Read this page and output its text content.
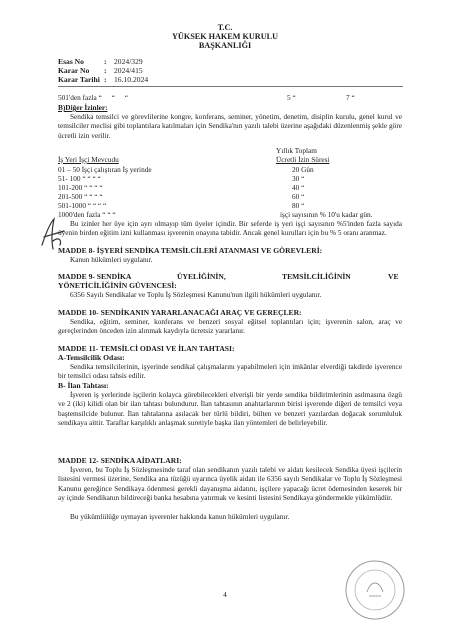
T.C.
YÜKSEK HAKEM KURULU
BAŞKANLIĞI
Esas No	: 2024/329
Karar No : 2024/415
Karar Tarihi : 16.10.2024
501'den fazla “ “ “	5 “	7 “
B)Diğer İzinler:
Sendika temsilci ve görevlilerine kongre, konferans, seminer, yönetim, denetim, disiplin kurulu, genel kurul ve temsilciler meclisi gibi toplantılara katılmaları için Sendika'nın yazılı talebi üzerine aşağıdaki düzenlenmiş şekle göre ücretli izin verilir.
Yıllık Toplam
İş Yeri İşçi Mevcudu	Ücretli İzin Süresi
01 – 50 İşçi çalıştıran İş yerinde	20 Gün
51- 100 “ “ “ “	30 “
101-200 “ “ “ “	40 “
201-500 “ “ “ “	60 “
501-1000 “ “ “ “	80 “
1000'den fazla “ “ “	işçi sayısının % 10'u kadar gün.
Bu izinler her üye için ayrı olmayıp tüm üyeler içindir. Bir seferde iş yeri işçi sayısının %5'inden fazla sayıda üyenin birden eğitim izni kullanması işverenin onayına tabidir. Ancak genel kurulları için bu % 5 oranı aranmaz.
MADDE 8- İŞYERİ SENDİKA TEMSİLCİLERİ ATANMASI VE GÖREVLERİ:
Kanun hükümleri uygulanır.
MADDE 9- SENDİKA	ÜYELİĞİNİN,	TEMSİLCİLİĞİNİN	VE
YÖNETİCİLİĞİNİN GÜVENCESİ:
6356 Sayılı Sendikalar ve Toplu İş Sözleşmesi Kanunu'nun ilgili hükümleri uygulanır.
MADDE 10- SENDİKANIN YARARLANACAĞI ARAÇ VE GEREÇLER:
Sendika, eğitim, seminer, konferans ve benzeri sosyal eğitsel toplantıları için; işverenin salon, araç ve gereçlerinden önceden izin alınmak kaydıyla ücretsiz yararlanır.
MADDE 11- TEMSİLCİ ODASI VE İLAN TAHTASI:
A-Temsilcilik Odası:
Sendika temsilcilerinin, işyerinde sendikal çalışmalarını yapabilmeleri için imkânlar elverdiği takdirde işverence bir temsilci odası tahsis edilir.
B- İlan Tahtası:
İşveren iş yerlerinde işçilerin kolayca görebilecekleri elverişli bir yerde sendika bildirimlerinin asılmasına özgü ve 2 (iki) kilidi olan bir ilan tahtası bulundurur. İlan tahtasının anahtarlarının birisi işverende diğeri de temsilci veya baştemsilcide bulunur. İlan tahtalarına asılacak her türlü bildiri, bülten ve benzeri yazılardan doğacak sorumluluk sendikaya aittir. Taraflar karşılıklı anlaşmak suretiyle başka ilan yöntemleri de belirleyebilir.
MADDE 12- SENDİKA AİDATLARI:
İşveren, bu Toplu İş Sözleşmesinde taraf olan sendikanın yazılı talebi ve aidatı kesilecek Sendika üyesi işçilerin listesini vermesi üzerine, Sendika ana tüzüğü uyarınca üyelik aidatı ile 6356 sayılı Sendikalar ve Toplu İş Sözleşmesi Kanunu gereğince Sendikaya ödenmesi gerekli dayanışma aidatını, işçilere yapacağı ücret ödemesinden keserek bir ay içinde Sendikanın bildireceği banka hesabına yatırmak ve kesinti listesini Sendikaya göndermekle yükümlüdür.
Bu yükümlülüğe uymayan işverenler hakkında kanun hükümleri uygulanır.
4
